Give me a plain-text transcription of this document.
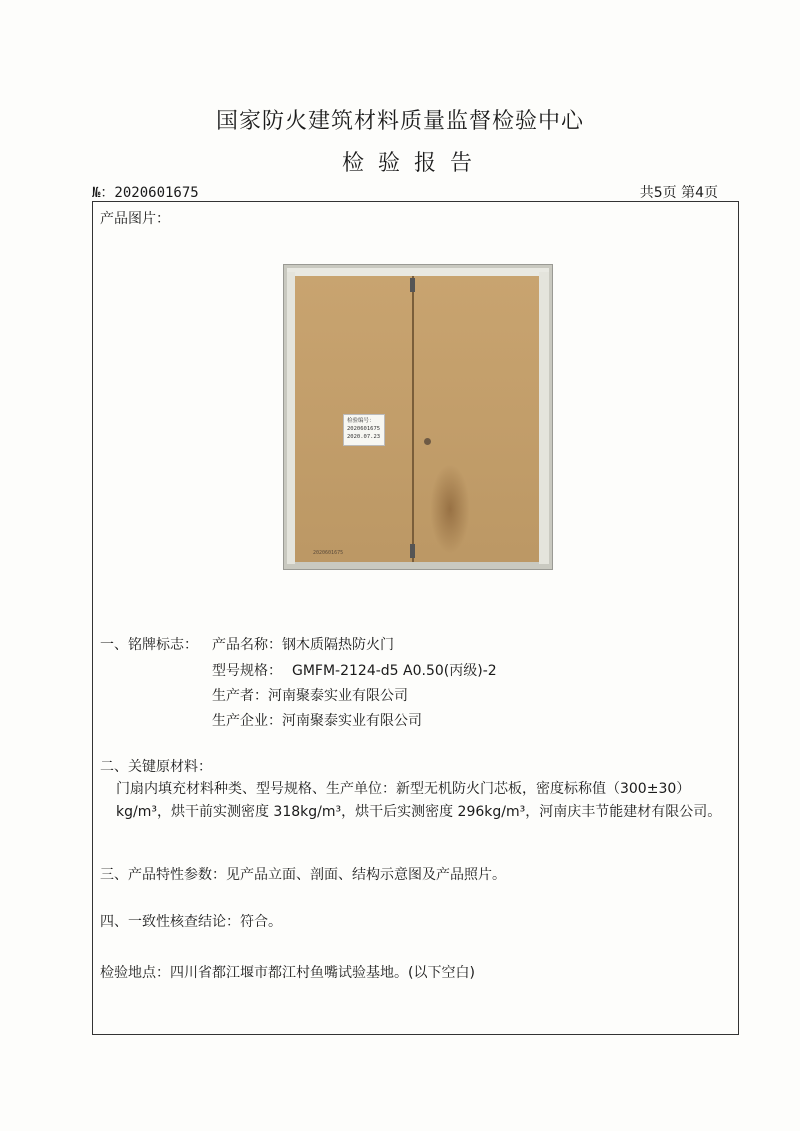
国家防火建筑材料质量监督检验中心
检验报告
№：2020601675	共5页 第4页
产品图片：
检验编号：
2020601675
2020.07.23
2020601675
一、铭牌标志： 产品名称： 钢木质隔热防火门
型号规格： GMFM-2124-d5 A0.50(丙级)-2
生产者： 河南聚泰实业有限公司
生产企业： 河南聚泰实业有限公司
二、关键原材料：
门扇内填充材料种类、型号规格、生产单位：新型无机防火门芯板，密度标称值（300±30）kg/m³，烘干前实测密度 318kg/m³，烘干后实测密度 296kg/m³，河南庆丰节能建材有限公司。
三、产品特性参数：见产品立面、剖面、结构示意图及产品照片。
四、一致性核查结论：符合。
检验地点：四川省都江堰市都江村鱼嘴试验基地。(以下空白)
